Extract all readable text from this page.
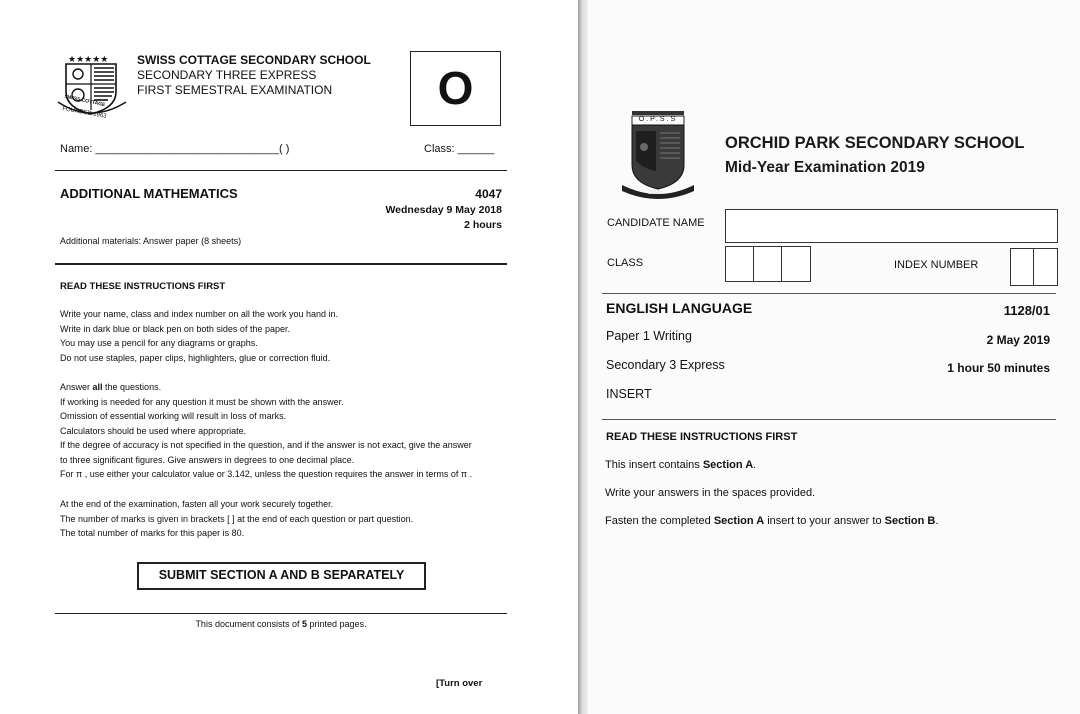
★★★★★
SWISS COTTAGE
FOUNDED 1963
SWISS COTTAGE SECONDARY SCHOOL
SECONDARY THREE EXPRESS
FIRST SEMESTRAL EXAMINATION	O
Name: ______________________________( )	Class: ______
ADDITIONAL MATHEMATICS	4047
Wednesday 9 May 2018
2 hours
Additional materials: Answer paper (8 sheets)
READ THESE INSTRUCTIONS FIRST
Write your name, class and index number on all the work you hand in.
Write in dark blue or black pen on both sides of the paper.
You may use a pencil for any diagrams or graphs.
Do not use staples, paper clips, highlighters, glue or correction fluid.
Answer all the questions.
If working is needed for any question it must be shown with the answer.
Omission of essential working will result in loss of marks.
Calculators should be used where appropriate.
If the degree of accuracy is not specified in the question, and if the answer is not exact, give the answer
to three significant figures. Give answers in degrees to one decimal place.
For π , use either your calculator value or 3.142, unless the question requires the answer in terms of π .
At the end of the examination, fasten all your work securely together.
The number of marks is given in brackets [ ] at the end of each question or part question.
The total number of marks for this paper is 80.
SUBMIT SECTION A AND B SEPARATELY
This document consists of 5 printed pages.
[Turn over
O.P.S.S
1995
ORCHID PARK SECONDARY SCHOOL
Mid-Year Examination 2019
CANDIDATE NAME
CLASS	INDEX NUMBER
ENGLISH LANGUAGE	1128/01
Paper 1 Writing	2 May 2019
Secondary 3 Express	1 hour 50 minutes
INSERT
READ THESE INSTRUCTIONS FIRST
This insert contains Section A.
Write your answers in the spaces provided.
Fasten the completed Section A insert to your answer to Section B.
